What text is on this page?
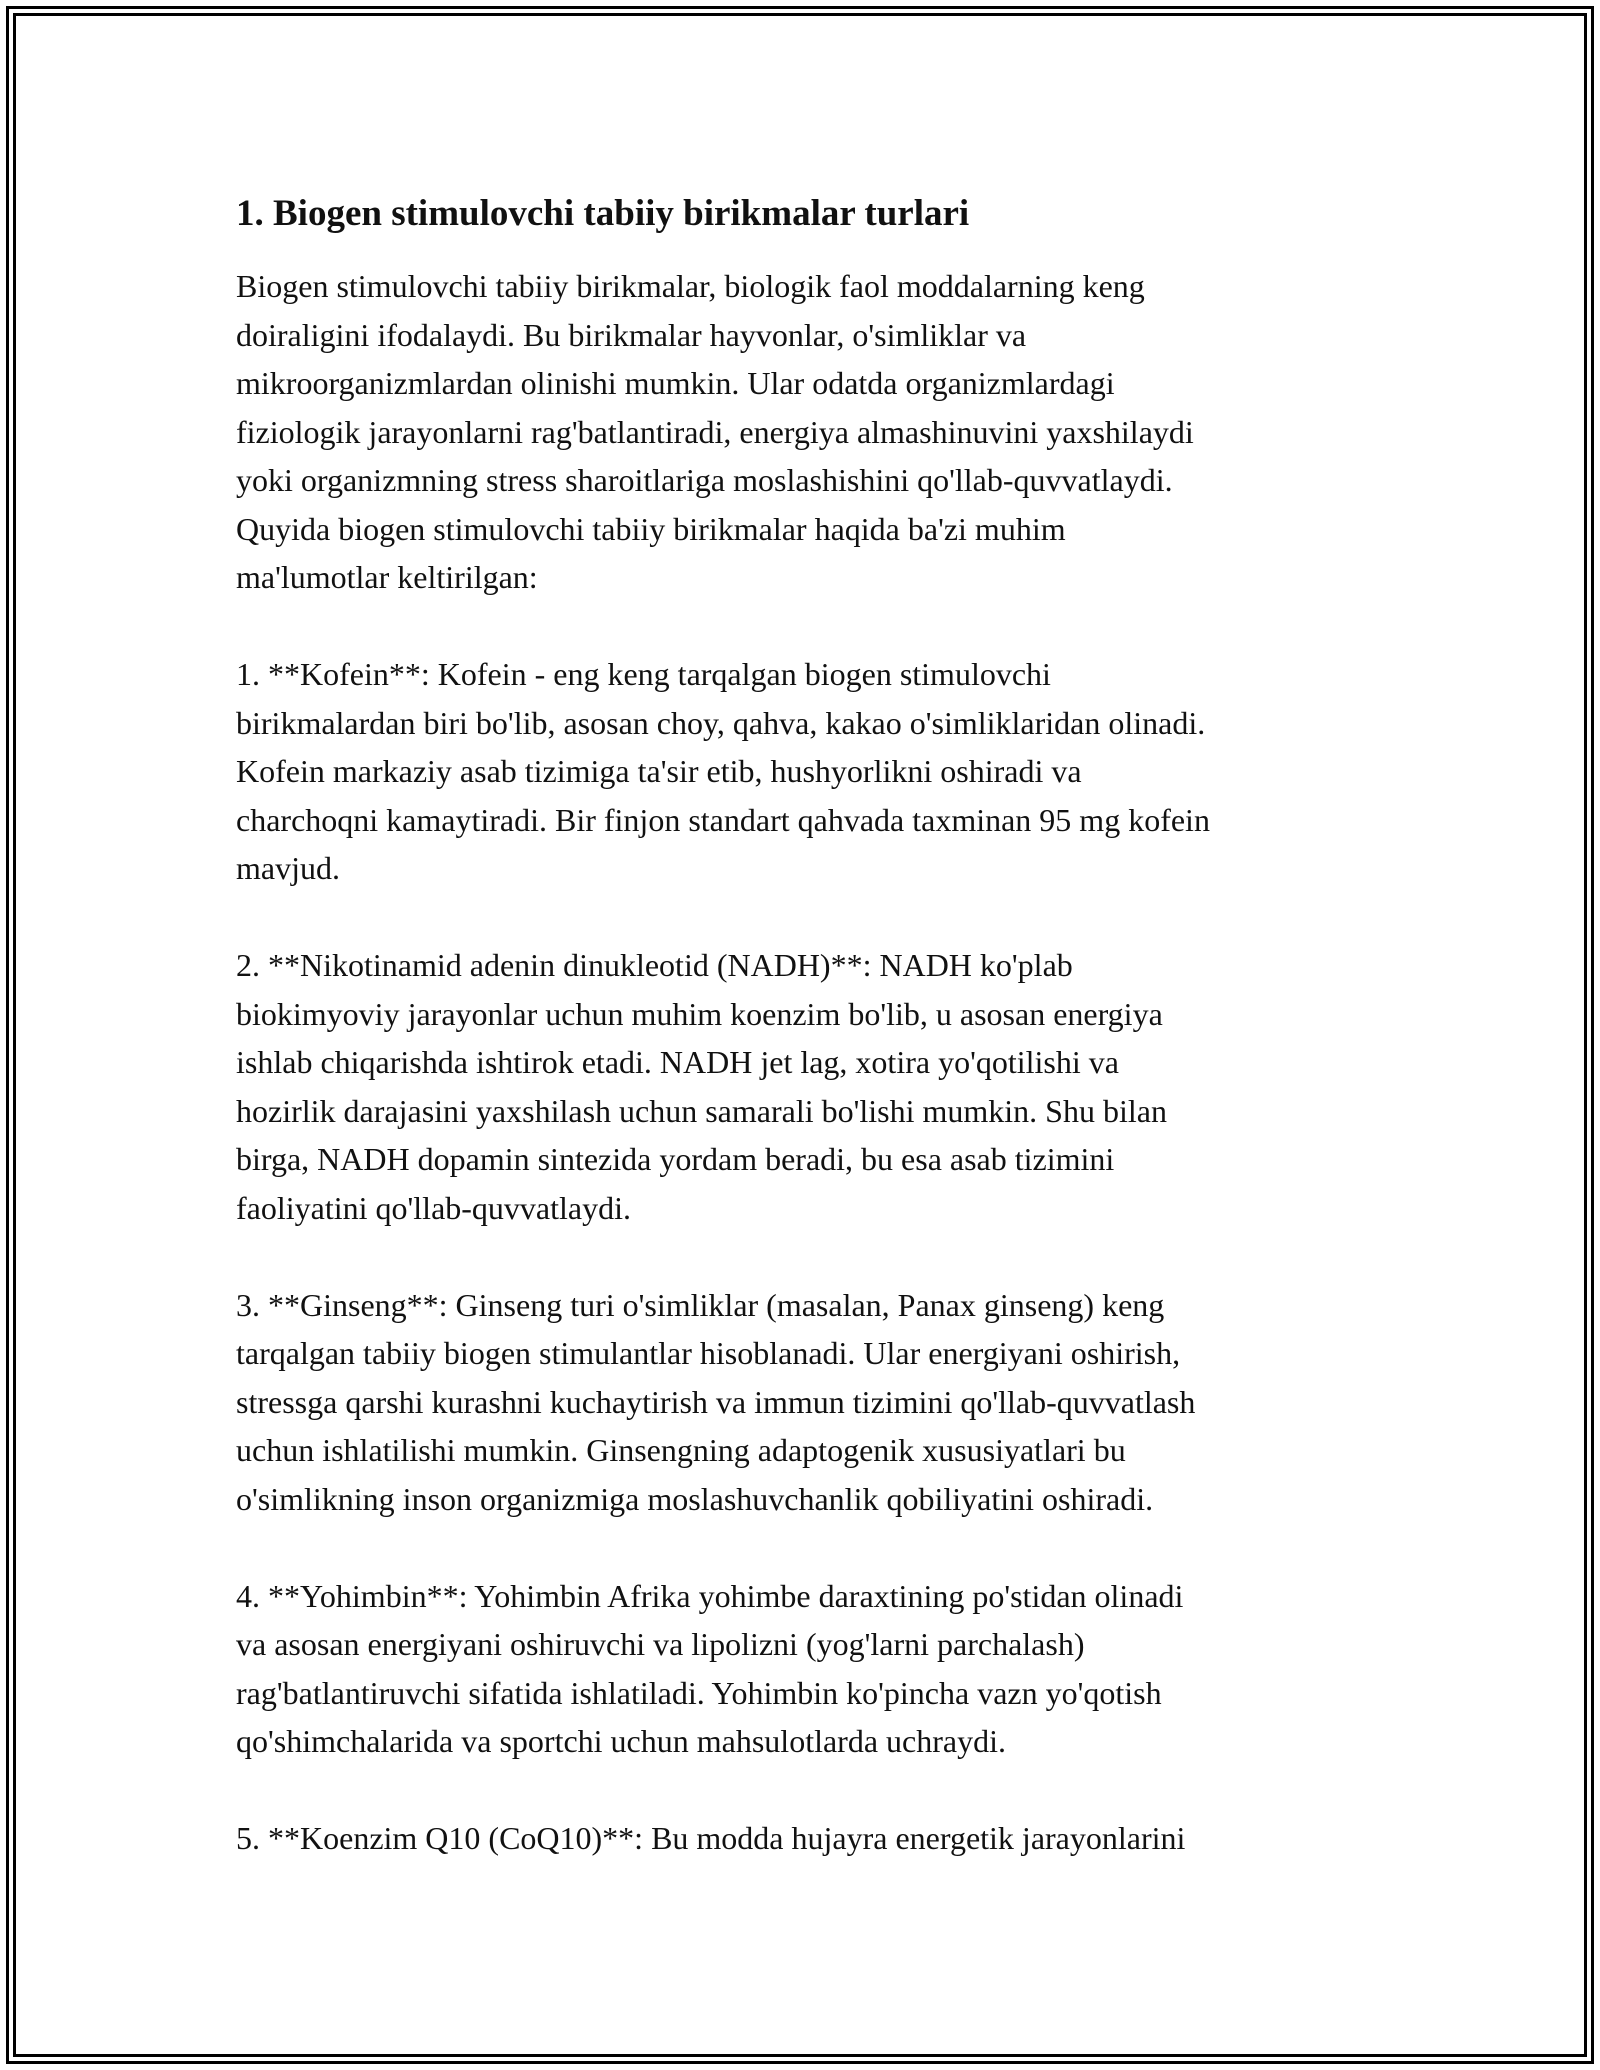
1. Biogen stimulovchi tabiiy birikmalar turlari

Biogen stimulovchi tabiiy birikmalar, biologik faol moddalarning keng
doiraligini ifodalaydi. Bu birikmalar hayvonlar, o'simliklar va
mikroorganizmlardan olinishi mumkin. Ular odatda organizmlardagi
fiziologik jarayonlarni rag'batlantiradi, energiya almashinuvini yaxshilaydi
yoki organizmning stress sharoitlariga moslashishini qo'llab-quvvatlaydi.
Quyida biogen stimulovchi tabiiy birikmalar haqida ba'zi muhim
ma'lumotlar keltirilgan:

1. **Kofein**: Kofein - eng keng tarqalgan biogen stimulovchi
birikmalardan biri bo'lib, asosan choy, qahva, kakao o'simliklaridan olinadi.
Kofein markaziy asab tizimiga ta'sir etib, hushyorlikni oshiradi va
charchoqni kamaytiradi. Bir finjon standart qahvada taxminan 95 mg kofein
mavjud.

2. **Nikotinamid adenin dinukleotid (NADH)**: NADH ko'plab
biokimyoviy jarayonlar uchun muhim koenzim bo'lib, u asosan energiya
ishlab chiqarishda ishtirok etadi. NADH jet lag, xotira yo'qotilishi va
hozirlik darajasini yaxshilash uchun samarali bo'lishi mumkin. Shu bilan
birga, NADH dopamin sintezida yordam beradi, bu esa asab tizimini
faoliyatini qo'llab-quvvatlaydi.

3. **Ginseng**: Ginseng turi o'simliklar (masalan, Panax ginseng) keng
tarqalgan tabiiy biogen stimulantlar hisoblanadi. Ular energiyani oshirish,
stressga qarshi kurashni kuchaytirish va immun tizimini qo'llab-quvvatlash
uchun ishlatilishi mumkin. Ginsengning adaptogenik xususiyatlari bu
o'simlikning inson organizmiga moslashuvchanlik qobiliyatini oshiradi.

4. **Yohimbin**: Yohimbin Afrika yohimbe daraxtining po'stidan olinadi
va asosan energiyani oshiruvchi va lipolizni (yog'larni parchalash)
rag'batlantiruvchi sifatida ishlatiladi. Yohimbin ko'pincha vazn yo'qotish
qo'shimchalarida va sportchi uchun mahsulotlarda uchraydi.

5. **Koenzim Q10 (CoQ10)**: Bu modda hujayra energetik jarayonlarini
